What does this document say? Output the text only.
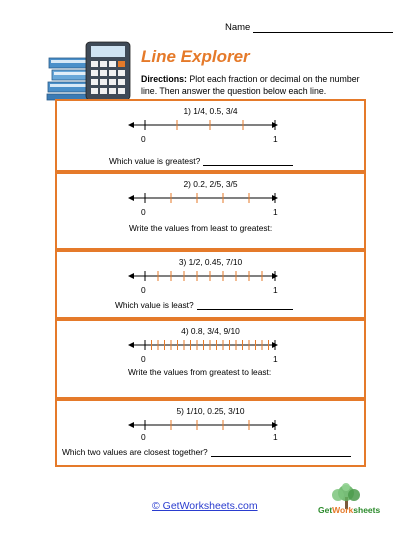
Name
Line Explorer
Directions: Plot each fraction or decimal on the number line. Then answer the question below each line.
1) 1/4, 0.5, 3/4
0	1
Which value is greatest?
2) 0.2, 2/5, 3/5
0	1
Write the values from least to greatest:
3) 1/2, 0.45, 7/10
0	1
Which value is least?
4) 0.8, 3/4, 9/10
0	1
Write the values from greatest to least:
5) 1/10, 0.25, 3/10
0	1
Which two values are closest together?
© GetWorksheets.com	GetWorksheets
